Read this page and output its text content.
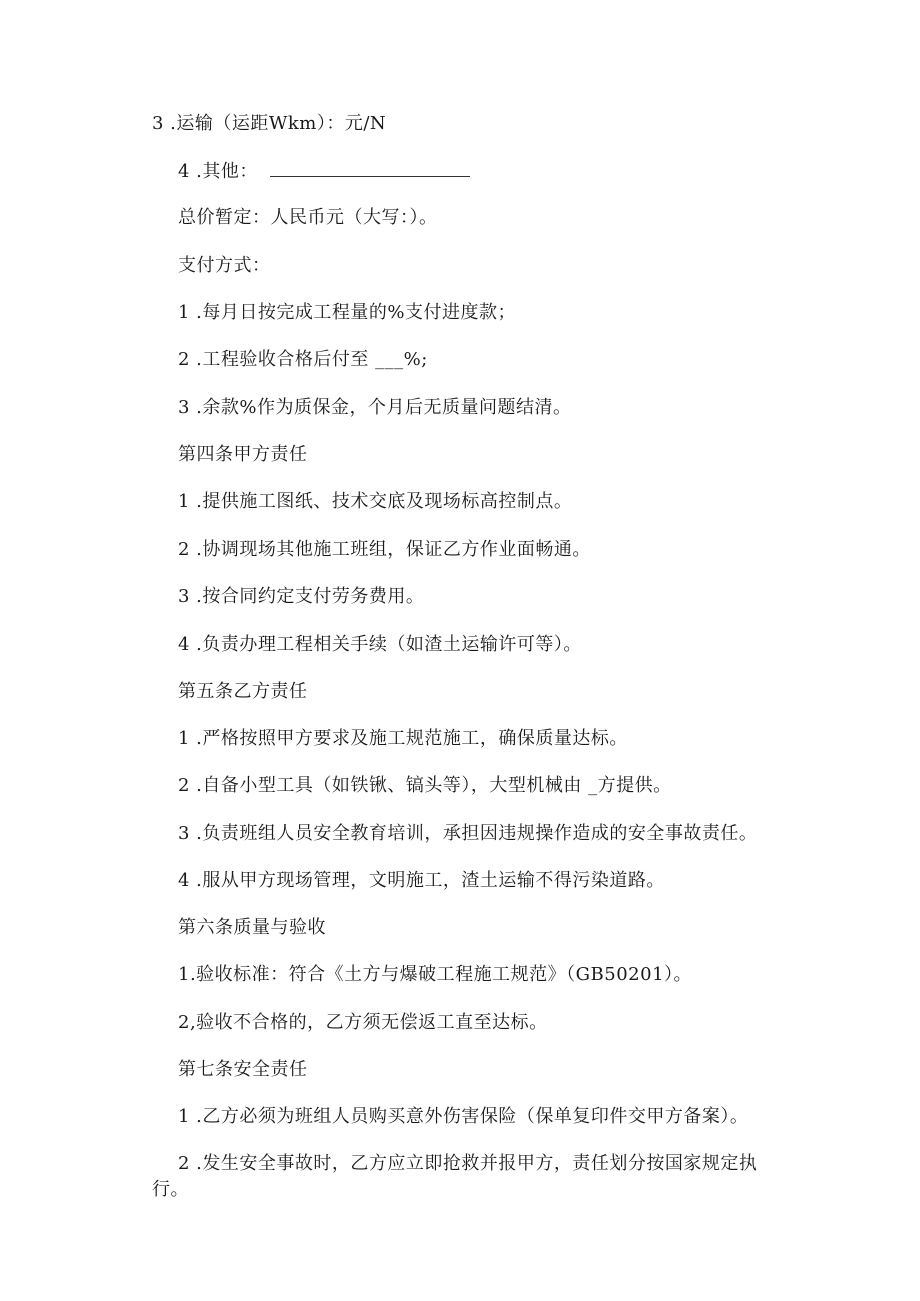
3 .运输（运距Wkm）：元/N
4 .其他：
总价暂定：人民币元（大写：）。
支付方式：
1 .每月日按完成工程量的%支付进度款；
2 .工程验收合格后付至 ___%;
3 .余款%作为质保金，个月后无质量问题结清。
第四条甲方责任
1 .提供施工图纸、技术交底及现场标高控制点。
2 .协调现场其他施工班组，保证乙方作业面畅通。
3 .按合同约定支付劳务费用。
4 .负责办理工程相关手续（如渣土运输许可等）。
第五条乙方责任
1 .严格按照甲方要求及施工规范施工，确保质量达标。
2 .自备小型工具（如铁锹、镐头等），大型机械由 _方提供。
3 .负责班组人员安全教育培训，承担因违规操作造成的安全事故责任。
4 .服从甲方现场管理，文明施工，渣土运输不得污染道路。
第六条质量与验收
1.验收标准：符合《土方与爆破工程施工规范》（GB50201）。
2,验收不合格的，乙方须无偿返工直至达标。
第七条安全责任
1 .乙方必须为班组人员购买意外伤害保险（保单复印件交甲方备案）。
2 .发生安全事故时，乙方应立即抢救并报甲方，责任划分按国家规定执
行。
